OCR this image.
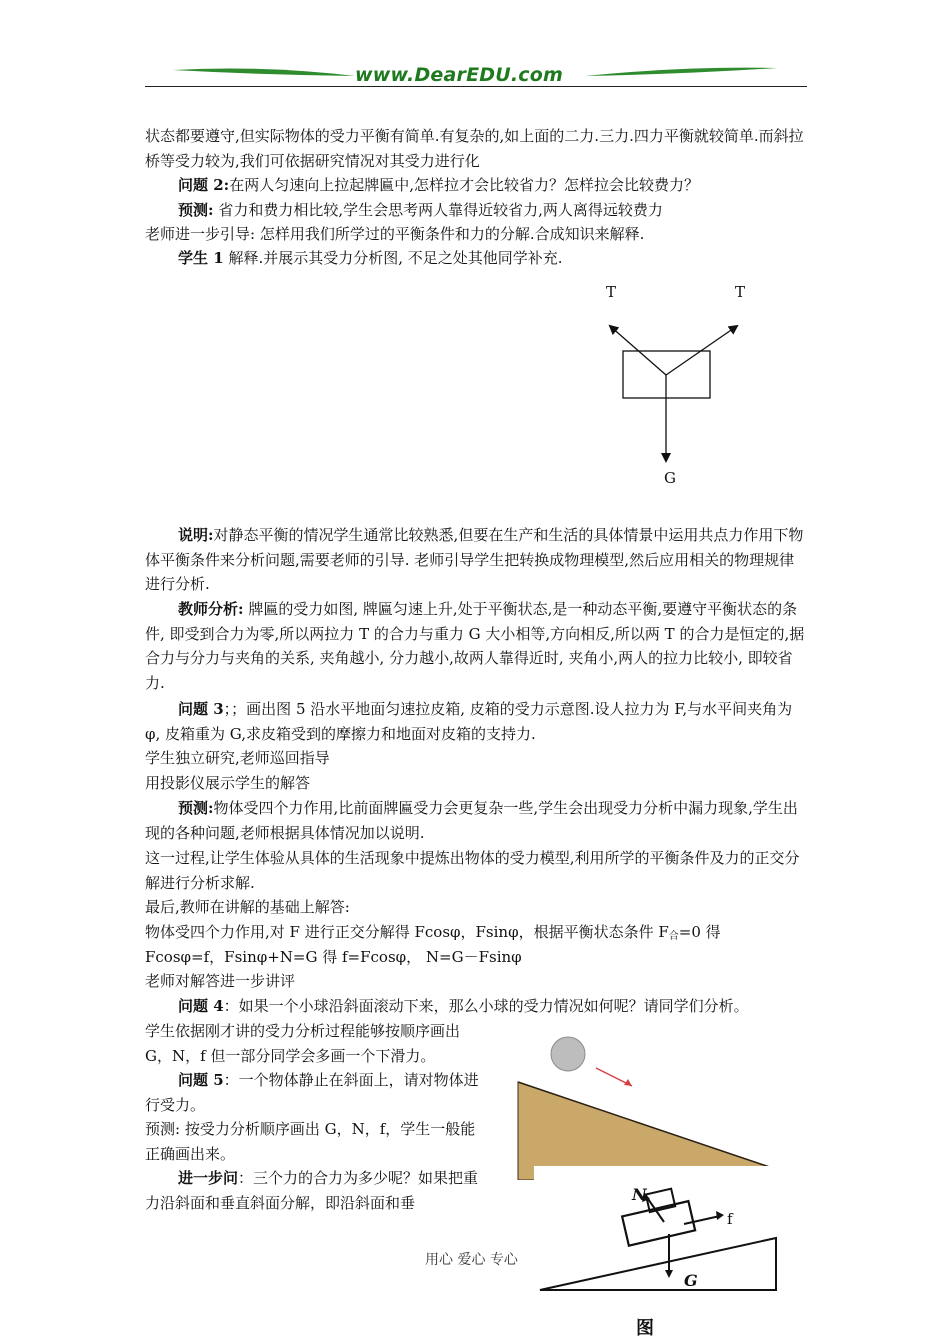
www.DearEDU.com

状态都要遵守,但实际物体的受力平衡有简单.有复杂的,如上面的二力.三力.四力平衡就较简单.而斜拉桥等受力较为,我们可依据研究情况对其受力进行化

问题 2:在两人匀速向上拉起牌匾中,怎样拉才会比较省力？怎样拉会比较费力？

预测: 省力和费力相比较,学生会思考两人靠得近较省力,两人离得远较费力

老师进一步引导: 怎样用我们所学过的平衡条件和力的分解.合成知识来解释.

学生 1 解释.并展示其受力分析图, 不足之处其他同学补充.

T	T
G

说明:对静态平衡的情况学生通常比较熟悉,但要在生产和生活的具体情景中运用共点力作用下物体平衡条件来分析问题,需要老师的引导. 老师引导学生把转换成物理模型,然后应用相关的物理规律进行分析.

教师分析: 牌匾的受力如图, 牌匾匀速上升,处于平衡状态,是一种动态平衡,要遵守平衡状态的条件, 即受到合力为零,所以两拉力 T 的合力与重力 G 大小相等,方向相反,所以两 T 的合力是恒定的,据合力与分力与夹角的关系, 夹角越小, 分力越小,故两人靠得近时, 夹角小,两人的拉力比较小, 即较省力.

问题 3；；画出图 5 沿水平地面匀速拉皮箱, 皮箱的受力示意图.设人拉力为 F,与水平间夹角为 φ, 皮箱重为 G,求皮箱受到的摩擦力和地面对皮箱的支持力.

学生独立研究,老师巡回指导

用投影仪展示学生的解答

预测:物体受四个力作用,比前面牌匾受力会更复杂一些,学生会出现受力分析中漏力现象,学生出现的各种问题,老师根据具体情况加以说明.

这一过程,让学生体验从具体的生活现象中提炼出物体的受力模型,利用所学的平衡条件及力的正交分解进行分析求解.

最后,教师在讲解的基础上解答:

物体受四个力作用,对 F 进行正交分解得 Fcosφ，Fsinφ，根据平衡状态条件 $F_合=0$ 得

Fcosφ=f，Fsinφ+N=G 得 f=Fcosφ， N=G－Fsinφ

老师对解答进一步讲评

问题 4：如果一个小球沿斜面滚动下来，那么小球的受力情况如何呢？请同学们分析。

学生依据刚才讲的受力分析过程能够按顺序画出 G，N，f 但一部分同学会多画一个下滑力。

问题 5：一个物体静止在斜面上，请对物体进行受力。

预测: 按受力分析顺序画出 G，N，f，学生一般能正确画出来。

进一步问：三个力的合力为多少呢？如果把重力沿斜面和垂直斜面分解，即沿斜面和垂	N
f
G
图
用心 爱心 专心
